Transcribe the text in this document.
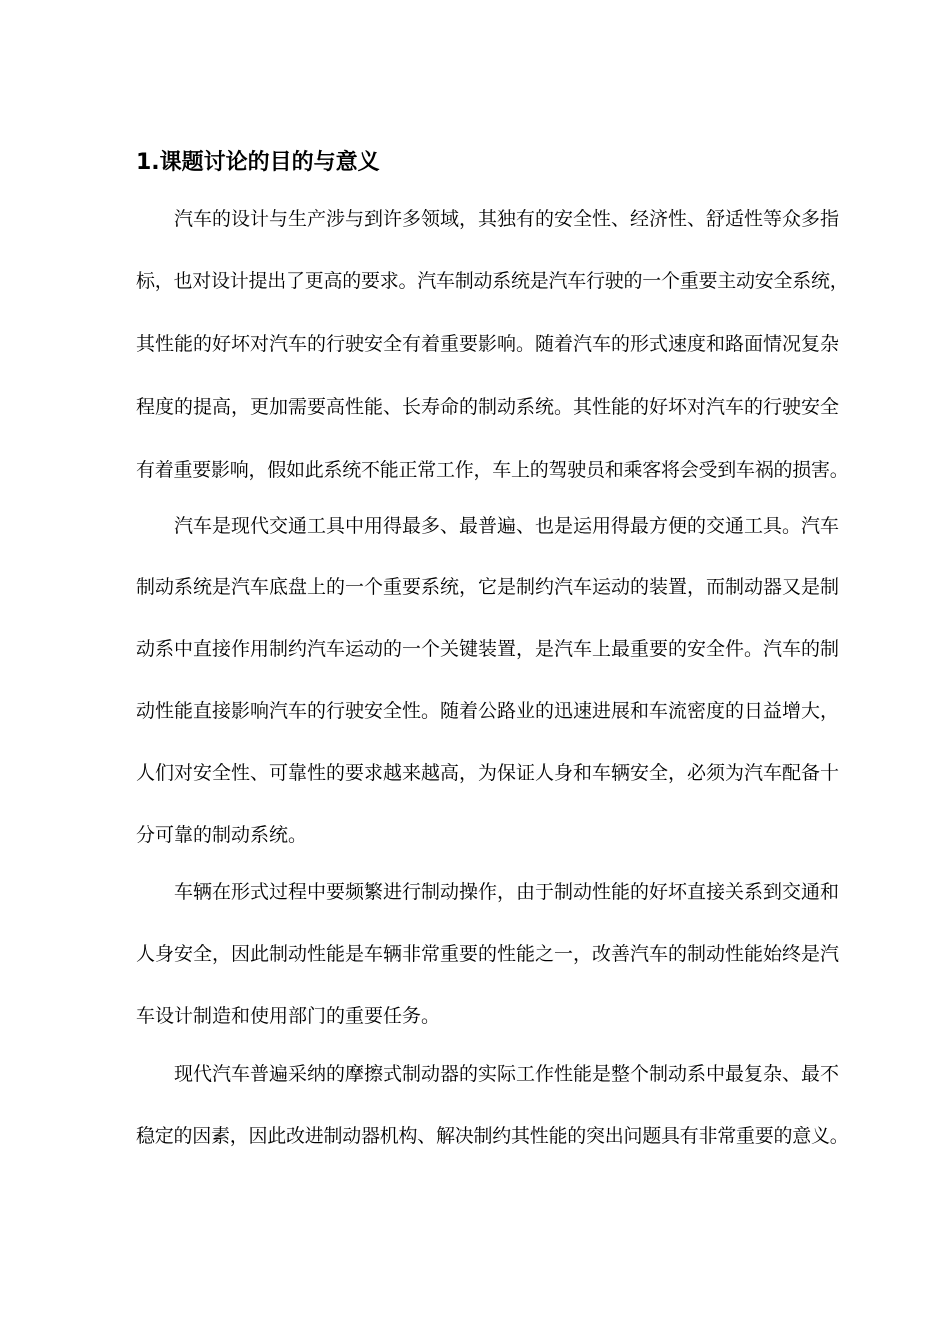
1.课题讨论的目的与意义

汽车的设计与生产涉与到许多领域，其独有的安全性、经济性、舒适性等众多指

标，也对设计提出了更高的要求。汽车制动系统是汽车行驶的一个重要主动安全系统，

其性能的好坏对汽车的行驶安全有着重要影响。随着汽车的形式速度和路面情况复杂

程度的提高，更加需要高性能、长寿命的制动系统。其性能的好坏对汽车的行驶安全

有着重要影响，假如此系统不能正常工作，车上的驾驶员和乘客将会受到车祸的损害。

汽车是现代交通工具中用得最多、最普遍、也是运用得最方便的交通工具。汽车

制动系统是汽车底盘上的一个重要系统，它是制约汽车运动的装置，而制动器又是制

动系中直接作用制约汽车运动的一个关键装置，是汽车上最重要的安全件。汽车的制

动性能直接影响汽车的行驶安全性。随着公路业的迅速进展和车流密度的日益增大，

人们对安全性、可靠性的要求越来越高，为保证人身和车辆安全，必须为汽车配备十

分可靠的制动系统。

车辆在形式过程中要频繁进行制动操作，由于制动性能的好坏直接关系到交通和

人身安全，因此制动性能是车辆非常重要的性能之一，改善汽车的制动性能始终是汽

车设计制造和使用部门的重要任务。

现代汽车普遍采纳的摩擦式制动器的实际工作性能是整个制动系中最复杂、最不

稳定的因素，因此改进制动器机构、解决制约其性能的突出问题具有非常重要的意义。
